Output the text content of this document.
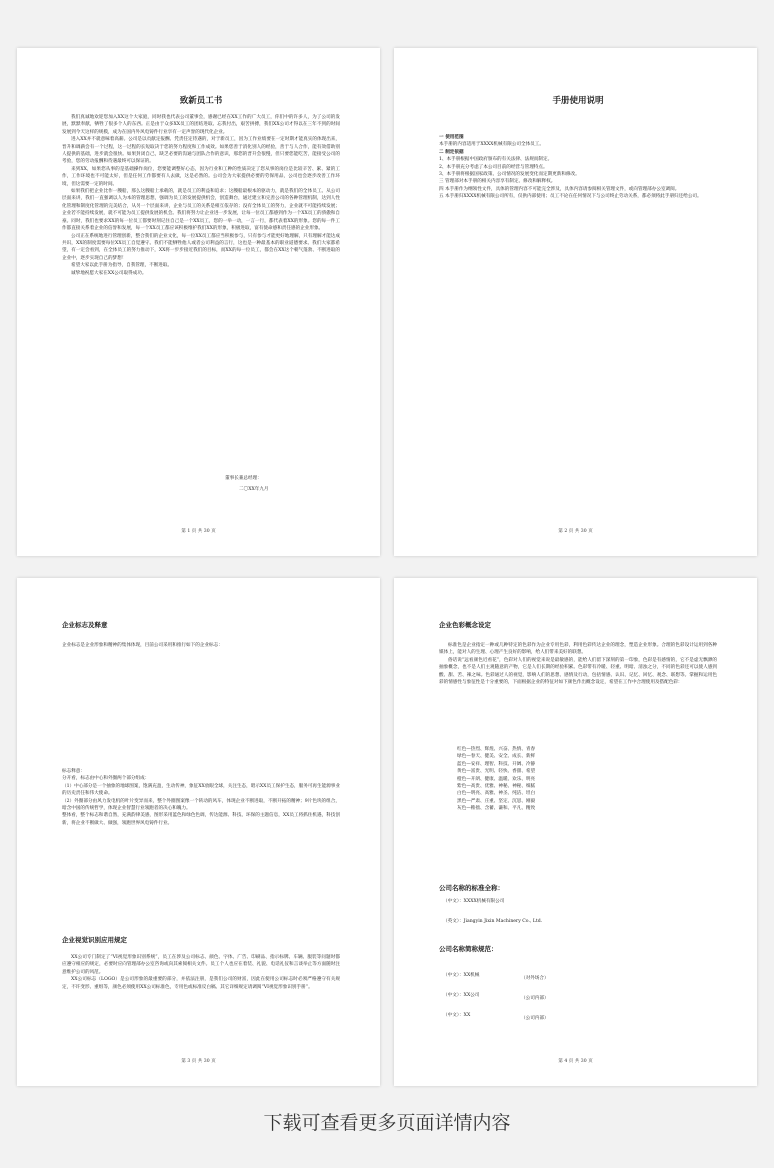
致新员工书

我们真诚地欢迎您加入XX这个大家庭，同时我也代表公司董事会，感谢已经在XX工作的广大员工，你们中的许多人，为了公司的发展，默默奉献，牺牲了很多个人的东西。正是由于众多XX员工的团结进取、忘我付出，艰苦拼搏，我们XX公司才得以在三年不到的时间发展到今天这样的规模，成为在国内外风电铸件行业享有一定声誉的现代化企业。

进入XX并不就意味着高薪。公司是以贡献定报酬、凭责任定待遇的，对于新员工，因为工作业绩要在一定时期才能真实的体现出来，晋升和调薪会有一个过程，这一过程的长短取决于您的努力程度和工作成效。如果您善于消化别人的经验，善于与人合作，能有效借助别人提供的基础，进步就会很快。如果封闭自己，缺乏必要的沟通与团队合作的意识，那您的晋升会很慢，但只要您能吃苦，能接受公司的考验，您的劳动报酬和待遇最终可以保证的。

来到XX，如果您从事的是基础操作岗位，您要能调整好心态，因为行业和工种的性质决定了您从事的岗位是比较辛苦、累、紧的工作，工作环境也不可能太好，但是任何工作都要有人去做，这是必然的。公司会为大家提供必要的劳保用品，公司也会逐步改善工作环境，但这需要一定的时间。

如果我们把企业比作一艘船，那么这艘船上承载的，就是员工的利益和追求；这艘船最根本的驱动力，就是我们的全体员工。从公司层面来讲，我们一直强调以人为本的管理思想，强调为员工的发展提供机会，创造舞台，通过建立和完善公司的各种管理机制，达到人性化管理和制度化管理的完美结合，从另一个层面来讲，企业与员工的关系是相互依存的；没有全体员工的努力，企业就不可能持续发展；企业若不能持续发展，就不可能为员工提供发展的机会。我们将努力让企业进一步发展，让每一位员工都感到作为一个XX员工的骄傲和自豪。同时，我们也要求XX的每一位员工都要时刻记住自己是一个XX员工，您的一举一动，一言一行，都代表着XX的形象。您的每一件工作都直接关系着企业的信誉和发展，每一个XX员工都应该积极维护我们XX的形象，积极进取，富有使命感和责任感的企业形象。

公司正在系统地进行管理创新，整合我们的企业文化，每一位XX员工都应当积极参与，只有参与才能更好地理解，只有理解才能达成共识，XX的制度需要每位XX员工自觉遵守。我们不能牺牲他人或者公司利益的言行，这也是一种最基本的职业道德要求。我们大家都希望，有一定会看到，在全体员工的努力推动下，XX将一步步接近我们的目标，而XX的每一位员工，都会在XX这个朝气蓬勃、不断进取的企业中，逐步实现自己的梦想！

希望大家以此手册为指导，自我管理，不断进取。

诚挚地祝愿大家在XX公司取得成功。

董事长兼总经理：
二〇XX年九月
第 1 页 共 30 页
手册使用说明

一 使用范围

本手册的内容适用于XXXX机械有限公司全体员工。

二 制定依据

1、本手册根据中国政府颁布的有关法律、法规而制定。

2、本手册充分考虑了本公司目前的经营与管理特点。

3、本手册将根据国家政策、公司情况的发展变化而定期更新和修改。

三 管理部对本手册的相关内容享有制定、修改和解释权。

四 本手册作为纲领性文件，具体的管理内容不可能完全涉及，具体内容请参阅相关管理文件，或向管理部办公室调阅。

五 本手册归XXXX机械有限公司所有，仅供内部使用；员工不论在任何情况下与公司终止劳动关系，都必须将此手册归还给公司。

第 2 页 共 30 页
企业标志及释意

企业标志是企业形象和精神的集体体现，目前公司采用和推行如下的企业标志：

标志释意：

分开看，标志由中心和外圈两个部分组成：

（1）中心部分是一个抽象的地球图案，饱满充盈，生动传神，象征XX放眼全球，关注生态，昭示XX员工保护生态，服务可再生能源事业的历史责任和伟大使命。

（2）外圈部分由风力发电机的叶片变异而来，整个外圈图案像一个转动的风车，体现企业不断进取，不断开拓的精神；9片色块的组合，暗含中国的传统哲学，体现企业智慧行业领跑者的决心和魄力。

整体看，整个标志和谐自然，充满韵律美感，图形采用蓝色和绿色色调，传达能源、科技、环保的主题信息，XX员工将抓住机遇，科技创新，将企业不断做大、做强，领跑世界风电铸件行业。

企业视觉识别应用规定

XX公司专门制定了“VI视觉形象识别系统”，员工在涉及公司标志、颜色、字体、广告、印刷品、指示标牌、车辆、服装等问题时都应遵守相应的规定，必要时应向管理部办公室咨询或向其索阅相关文件。员工个人也应在着装、礼貌、电话礼仪和言谈举止等方面随时注意维护公司的风范。

XX公司标志（LOGO）是公司形象的最重要的部分，并依法注册，是我们公司的财富，因此在使用公司标志时必须严格遵守有关规定，不许变形、重组等，颜色必须使用XX公司标准色，专用色或标准反白稿。其它详细规定请调阅“VI视觉形象识别手册”。

第 3 页 共 30 页
企业色彩概念设定

标准色是企业指定一种或几种特定的色彩作为企业专用色彩，利用色彩传达企业的理念，塑造企业形象。合理的色彩设计运用到各种媒体上，能对人的生理、心理产生良好的影响，给人们带来美好的联想。

俗话说“远看颜色近看花”，色彩对人们的视觉来说是最敏感的，能给人们留下深刻的第一印象，色彩是有感情的，它不是虚无飘渺的抽象概念，也不是人们主观随意的产物，它是人们长期的经验积累。色彩带有冷暖、轻重、明暗、清浊之分，不同的色彩还可以使人感到酸、甜、苦、辣之味。色彩通过人的视觉，影响人们的思想、感情及行动，包括情感、认识、记忆、回忆、观念、联想等。掌握和运用色彩的情感性与象征性是十分重要的，下面根据企业的特征对如下颜色作出概念设定，希望在工作中合理使用及搭配色彩：

红色—热烈、辉煌、兴奋、热情、青春

绿色—春天、健美、安全、成长、新鲜

蓝色—安祥、理智、科技、开阔、冷静

黄色—富贵、光明、轻快、香甜、希望

橙色—开朗、健康、温暖、欢乐、明亮

紫色—高贵、优雅、神秘、神秘、细腻

白色—明亮、高雅、神圣、纯洁、坦白

黑色—严肃、庄重、坚定、沉思、刚毅

灰色—稚拙、含蓄、谦和、平凡、精致

公司名称的标准全称：

（中文）：XXXX机械有限公司

（英文）：Jiangyin Jixin Machinery Co., Ltd.

公司名称简称规范：
（中文）：XX机械（对外场合）
（中文）：XX公司（公司内部）
（中文）：XX（公司内部）
第 4 页 共 30 页
下载可查看更多页面详情内容
